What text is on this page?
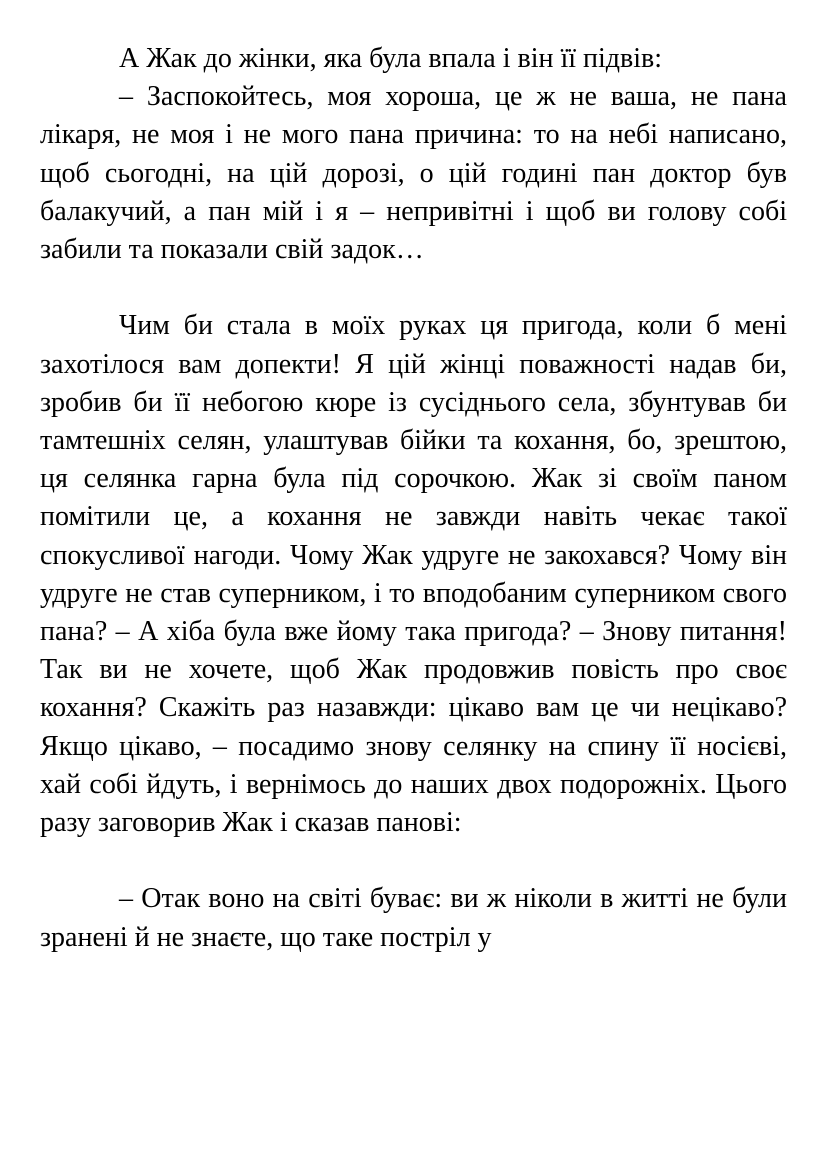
А Жак до жінки, яка була впала і він її підвів:

– Заспокойтесь, моя хороша, це ж не ваша, не пана лікаря, не моя і не мого пана причина: то на небі написано, щоб сьогодні, на цій дорозі, о цій годині пан доктор був балакучий, а пан мій і я – непривітні і щоб ви голову собі забили та показали свій задок…

Чим би стала в моїх руках ця пригода, коли б мені захотілося вам допекти! Я цій жінці поважності надав би, зробив би її небогою кюре із сусіднього села, збунтував би тамтешніх селян, улаштував бійки та кохання, бо, зрештою, ця селянка гарна була під сорочкою. Жак зі своїм паном помітили це, а кохання не завжди навіть чекає такої спокусливої нагоди. Чому Жак удруге не закохався? Чому він удруге не став суперником, і то вподобаним суперником свого пана? – А хіба була вже йому така пригода? – Знову питання! Так ви не хочете, щоб Жак продовжив повість про своє кохання? Скажіть раз назавжди: цікаво вам це чи нецікаво? Якщо цікаво, – посадимо знову селянку на спину її носієві, хай собі йдуть, і вернімось до наших двох подорожніх. Цього разу заговорив Жак і сказав панові:

– Отак воно на світі буває: ви ж ніколи в житті не були зранені й не знаєте, що таке постріл у
